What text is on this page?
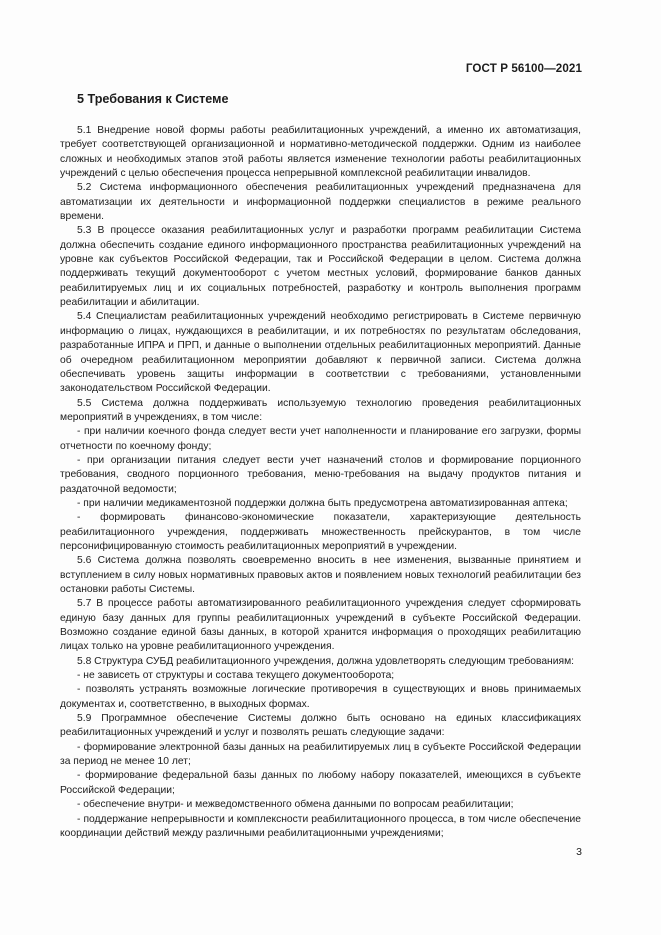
ГОСТ Р 56100—2021
5 Требования к Системе

5.1 Внедрение новой формы работы реабилитационных учреждений, а именно их автоматизация, требует соответствующей организационной и нормативно-методической поддержки. Одним из наиболее сложных и необходимых этапов этой работы является изменение технологии работы реабилитационных учреждений с целью обеспечения процесса непрерывной комплексной реабилитации инвалидов.

5.2 Система информационного обеспечения реабилитационных учреждений предназначена для автоматизации их деятельности и информационной поддержки специалистов в режиме реального времени.

5.3 В процессе оказания реабилитационных услуг и разработки программ реабилитации Система должна обеспечить создание единого информационного пространства реабилитационных учреждений на уровне как субъектов Российской Федерации, так и Российской Федерации в целом. Система должна поддерживать текущий документооборот с учетом местных условий, формирование банков данных реабилитируемых лиц и их социальных потребностей, разработку и контроль выполнения программ реабилитации и абилитации.

5.4 Специалистам реабилитационных учреждений необходимо регистрировать в Системе первичную информацию о лицах, нуждающихся в реабилитации, и их потребностях по результатам обследования, разработанные ИПРА и ПРП, и данные о выполнении отдельных реабилитационных мероприятий. Данные об очередном реабилитационном мероприятии добавляют к первичной записи. Система должна обеспечивать уровень защиты информации в соответствии с требованиями, установленными законодательством Российской Федерации.

5.5 Система должна поддерживать используемую технологию проведения реабилитационных мероприятий в учреждениях, в том числе:

- при наличии коечного фонда следует вести учет наполненности и планирование его загрузки, формы отчетности по коечному фонду;

- при организации питания следует вести учет назначений столов и формирование порционного требования, сводного порционного требования, меню-требования на выдачу продуктов питания и раздаточной ведомости;

- при наличии медикаментозной поддержки должна быть предусмотрена автоматизированная аптека;

- формировать финансово-экономические показатели, характеризующие деятельность реабилитационного учреждения, поддерживать множественность прейскурантов, в том числе персонифицированную стоимость реабилитационных мероприятий в учреждении.

5.6 Система должна позволять своевременно вносить в нее изменения, вызванные принятием и вступлением в силу новых нормативных правовых актов и появлением новых технологий реабилитации без остановки работы Системы.

5.7 В процессе работы автоматизированного реабилитационного учреждения следует сформировать единую базу данных для группы реабилитационных учреждений в субъекте Российской Федерации. Возможно создание единой базы данных, в которой хранится информация о проходящих реабилитацию лицах только на уровне реабилитационного учреждения.

5.8 Структура СУБД реабилитационного учреждения, должна удовлетворять следующим требованиям:

- не зависеть от структуры и состава текущего документооборота;

- позволять устранять возможные логические противоречия в существующих и вновь принимаемых документах и, соответственно, в выходных формах.

5.9 Программное обеспечение Системы должно быть основано на единых классификациях реабилитационных учреждений и услуг и позволять решать следующие задачи:

- формирование электронной базы данных на реабилитируемых лиц в субъекте Российской Федерации за период не менее 10 лет;

- формирование федеральной базы данных по любому набору показателей, имеющихся в субъекте Российской Федерации;

- обеспечение внутри- и межведомственного обмена данными по вопросам реабилитации;

- поддержание непрерывности и комплексности реабилитационного процесса, в том числе обеспечение координации действий между различными реабилитационными учреждениями;

3
